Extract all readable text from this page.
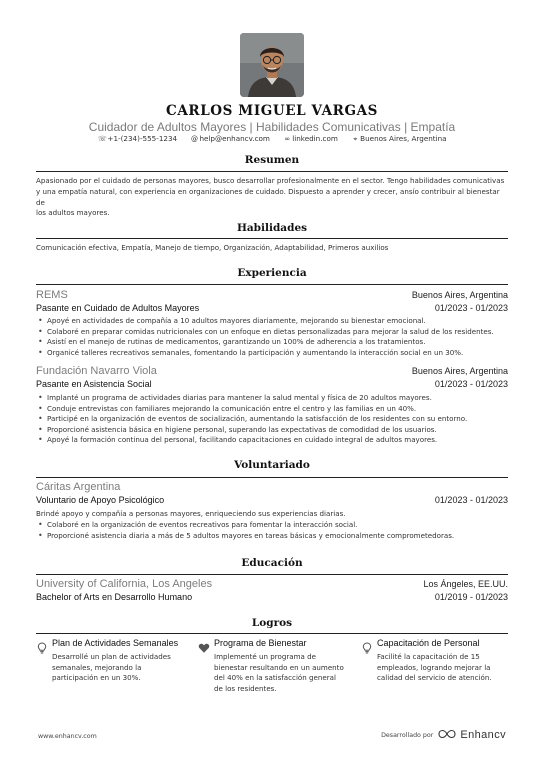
CARLOS MIGUEL VARGAS
Cuidador de Adultos Mayores | Habilidades Comunicativas | Empatía
☏+1-(234)-555-1234 @ help@enhancv.com ∞ linkedin.com ⌖ Buenos Aires, Argentina
Resumen
Apasionado por el cuidado de personas mayores, busco desarrollar profesionalmente en el sector. Tengo habilidades comunicativas
y una empatía natural, con experiencia en organizaciones de cuidado. Dispuesto a aprender y crecer, ansío contribuir al bienestar de
los adultos mayores.
Habilidades
Comunicación efectiva, Empatía, Manejo de tiempo, Organización, Adaptabilidad, Primeros auxilios
Experiencia
REMS	Buenos Aires, Argentina
Pasante en Cuidado de Adultos Mayores	01/2023 - 01/2023
• Apoyé en actividades de compañía a 10 adultos mayores diariamente, mejorando su bienestar emocional.
• Colaboré en preparar comidas nutricionales con un enfoque en dietas personalizadas para mejorar la salud de los residentes.
• Asistí en el manejo de rutinas de medicamentos, garantizando un 100% de adherencia a los tratamientos.
• Organicé talleres recreativos semanales, fomentando la participación y aumentando la interacción social en un 30%.
Fundación Navarro Viola	Buenos Aires, Argentina
Pasante en Asistencia Social	01/2023 - 01/2023
• Implanté un programa de actividades diarias para mantener la salud mental y física de 20 adultos mayores.
• Conduje entrevistas con familiares mejorando la comunicación entre el centro y las familias en un 40%.
• Participé en la organización de eventos de socialización, aumentando la satisfacción de los residentes con su entorno.
• Proporcioné asistencia básica en higiene personal, superando las expectativas de comodidad de los usuarios.
• Apoyé la formación continua del personal, facilitando capacitaciones en cuidado integral de adultos mayores.
Voluntariado
Cáritas Argentina
Voluntario de Apoyo Psicológico	01/2023 - 01/2023
Brindé apoyo y compañía a personas mayores, enriqueciendo sus experiencias diarias.
• Colaboré en la organización de eventos recreativos para fomentar la interacción social.
• Proporcioné asistencia diaria a más de 5 adultos mayores en tareas básicas y emocionalmente comprometedoras.
Educación
University of California, Los Angeles	Los Ángeles, EE.UU.
Bachelor of Arts en Desarrollo Humano	01/2019 - 01/2023
Logros
Plan de Actividades Semanales
Desarrollé un plan de actividades
semanales, mejorando la
participación en un 30%.
Programa de Bienestar
Implementé un programa de
bienestar resultando en un aumento
del 40% en la satisfacción general
de los residentes.
Capacitación de Personal
Facilité la capacitación de 15
empleados, logrando mejorar la
calidad del servicio de atención.
www.enhancv.com	Desarrollado por Enhancv
